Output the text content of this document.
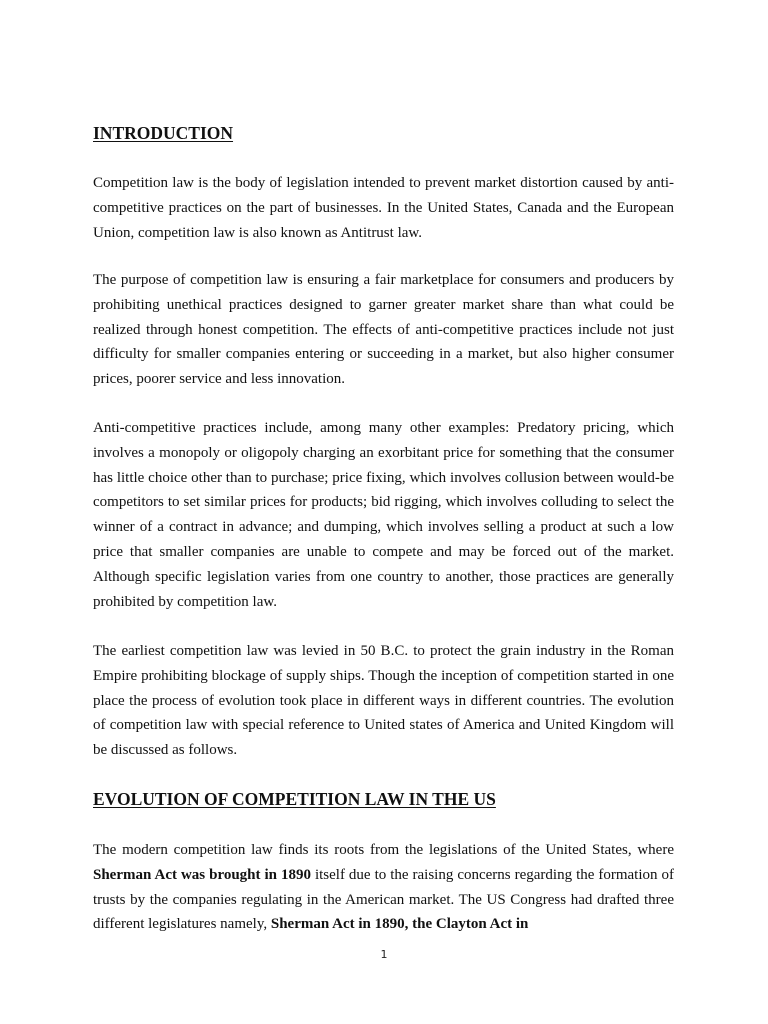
INTRODUCTION

Competition law is the body of legislation intended to prevent market distortion caused by anti-competitive practices on the part of businesses. In the United States, Canada and the European Union, competition law is also known as Antitrust law.

The purpose of competition law is ensuring a fair marketplace for consumers and producers by prohibiting unethical practices designed to garner greater market share than what could be realized through honest competition. The effects of anti-competitive practices include not just difficulty for smaller companies entering or succeeding in a market, but also higher consumer prices, poorer service and less innovation.

Anti-competitive practices include, among many other examples: Predatory pricing, which involves a monopoly or oligopoly charging an exorbitant price for something that the consumer has little choice other than to purchase; price fixing, which involves collusion between would-be competitors to set similar prices for products; bid rigging, which involves colluding to select the winner of a contract in advance; and dumping, which involves selling a product at such a low price that smaller companies are unable to compete and may be forced out of the market. Although specific legislation varies from one country to another, those practices are generally prohibited by competition law.

The earliest competition law was levied in 50 B.C. to protect the grain industry in the Roman Empire prohibiting blockage of supply ships. Though the inception of competition started in one place the process of evolution took place in different ways in different countries. The evolution of competition law with special reference to United states of America and United Kingdom will be discussed as follows.

EVOLUTION OF COMPETITION LAW IN THE US

The modern competition law finds its roots from the legislations of the United States, where Sherman Act was brought in 1890 itself due to the raising concerns regarding the formation of trusts by the companies regulating in the American market. The US Congress had drafted three different legislatures namely, Sherman Act in 1890, the Clayton Act in

1
